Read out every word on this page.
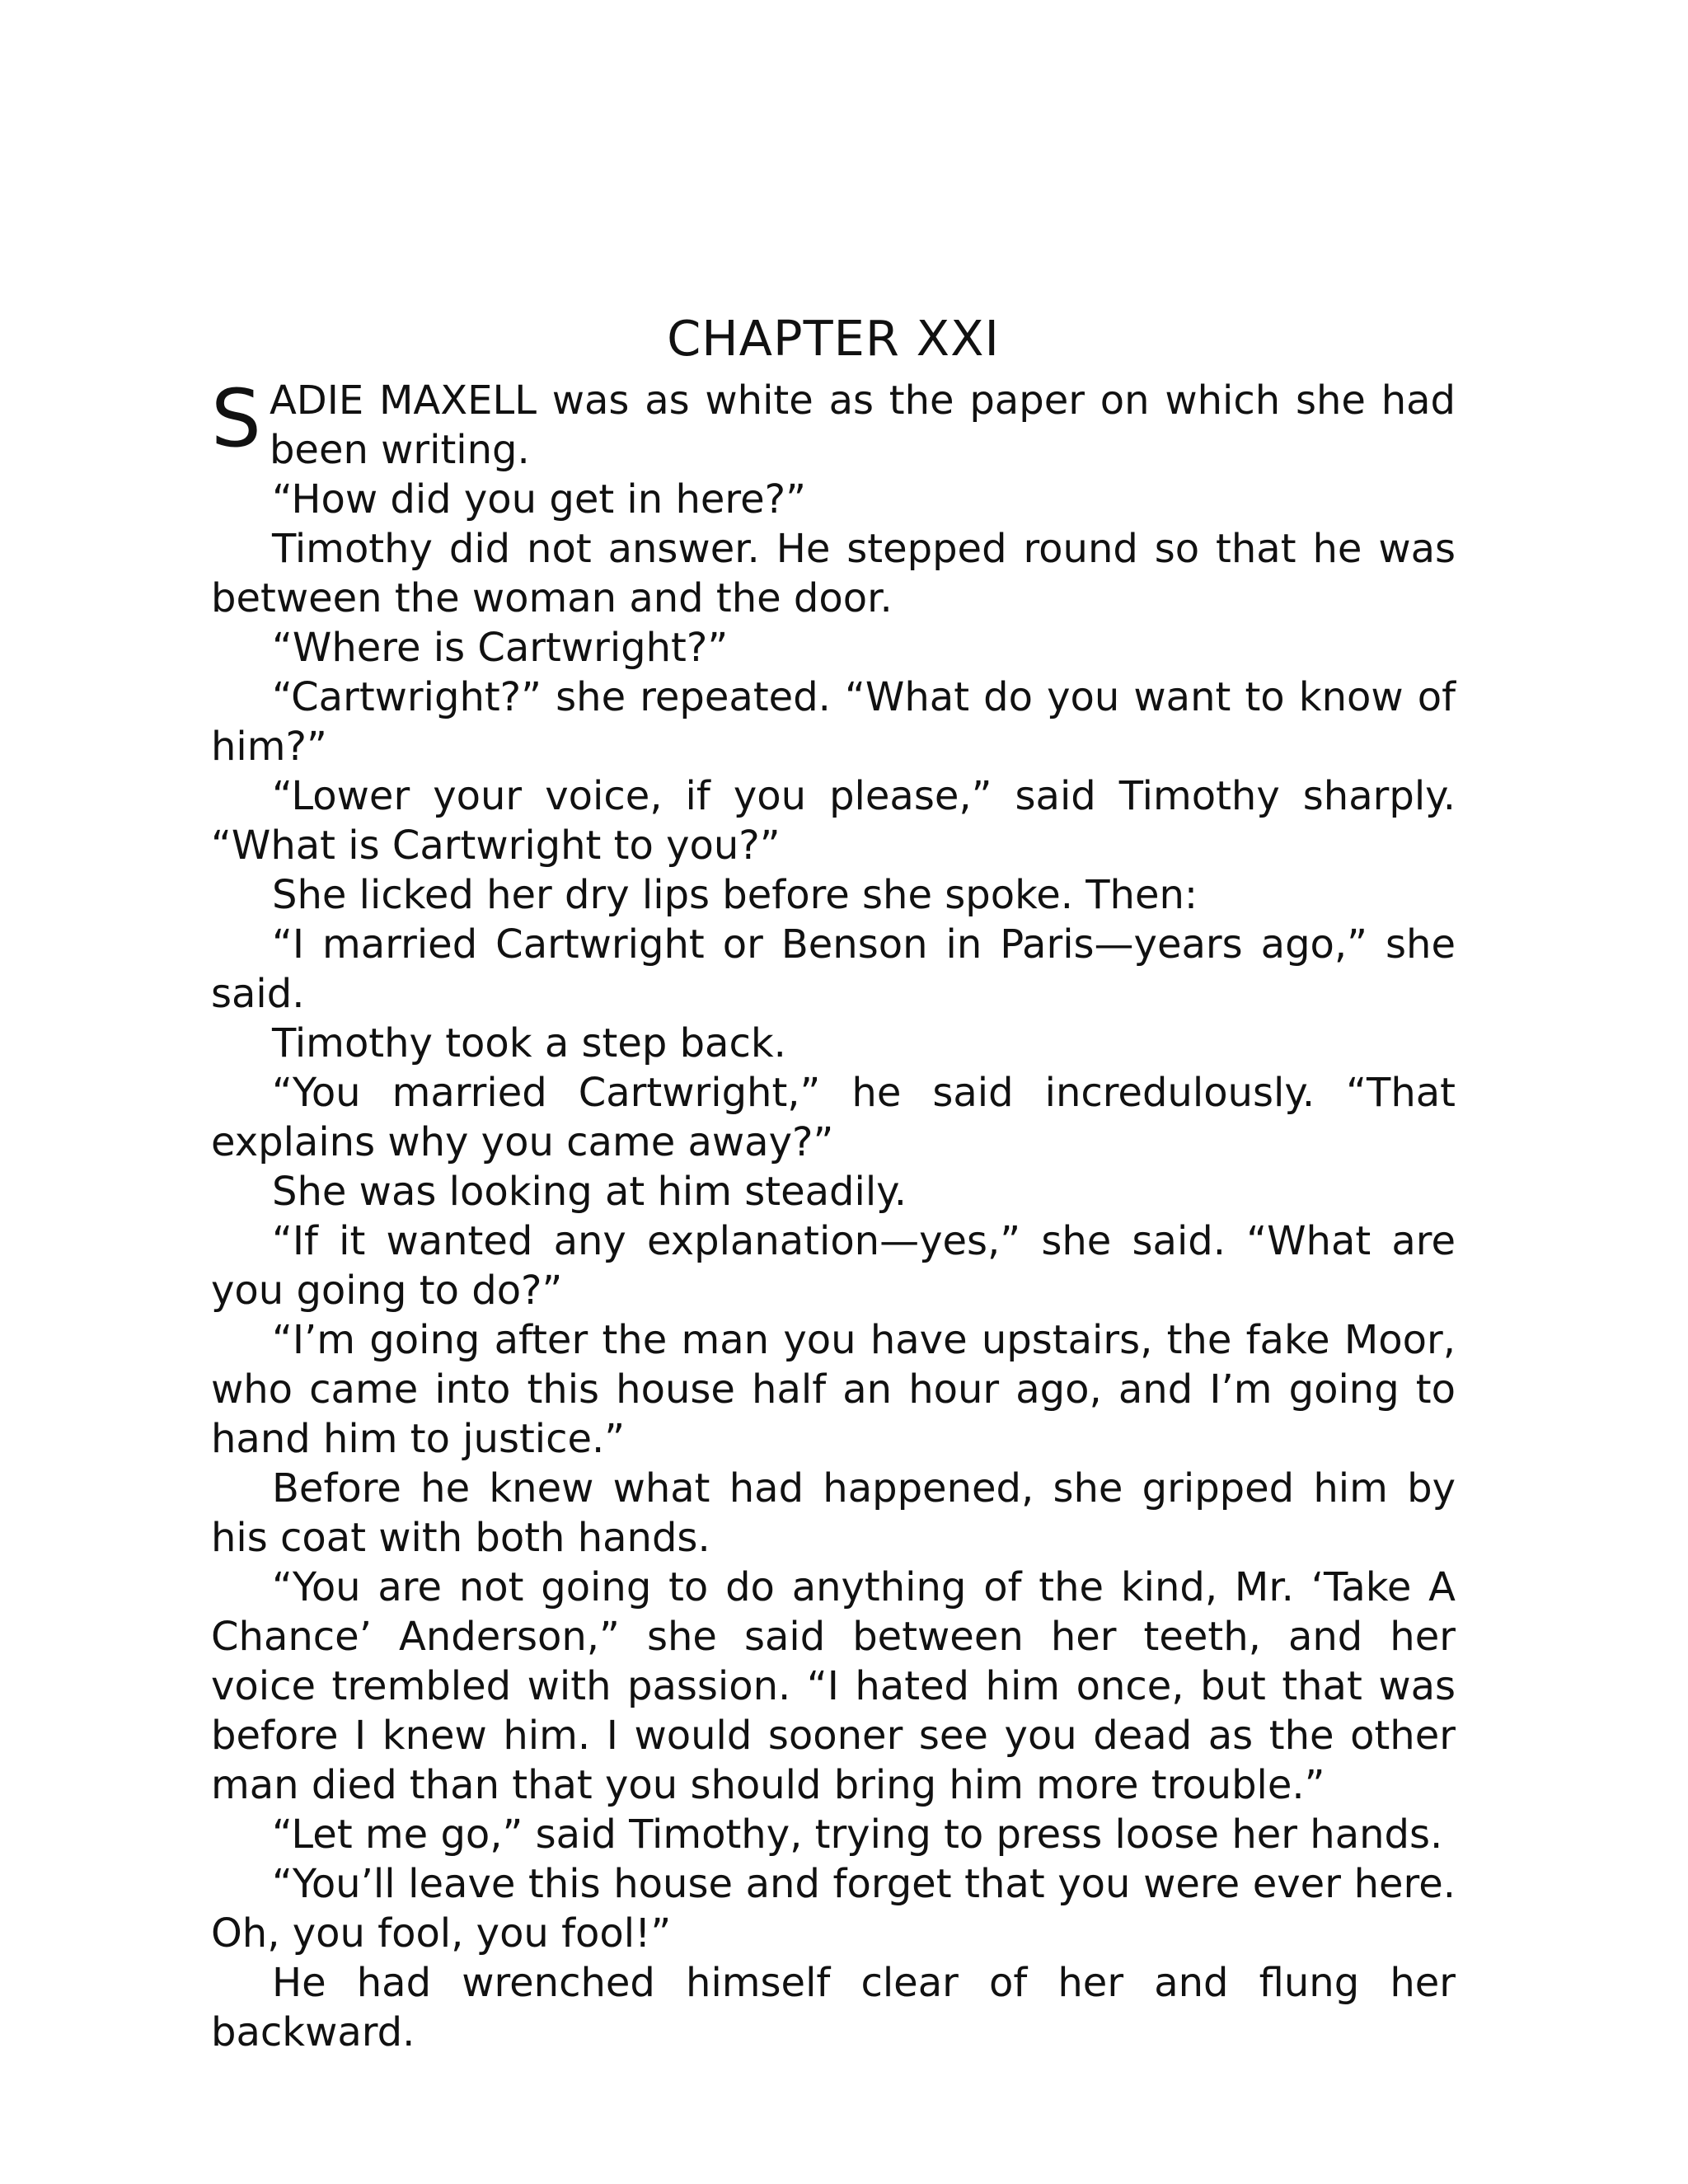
CHAPTER XXI

SADIE MAXELL was as white as the paper on which she had been writing.

“How did you get in here?”

Timothy did not answer. He stepped round so that he was between the woman and the door.

“Where is Cartwright?”

“Cartwright?” she repeated. “What do you want to know of him?”

“Lower your voice, if you please,” said Timothy sharply. “What is Cartwright to you?”

She licked her dry lips before she spoke. Then:

“I married Cartwright or Benson in Paris—years ago,” she said.

Timothy took a step back.

“You married Cartwright,” he said incredulously. “That explains why you came away?”

She was looking at him steadily.

“If it wanted any explanation—yes,” she said. “What are you going to do?”

“I’m going after the man you have upstairs, the fake Moor, who came into this house half an hour ago, and I’m going to hand him to justice.”

Before he knew what had happened, she gripped him by his coat with both hands.

“You are not going to do anything of the kind, Mr. ‘Take A Chance’ Anderson,” she said between her teeth, and her voice trembled with passion. “I hated him once, but that was before I knew him. I would sooner see you dead as the other man died than that you should bring him more trouble.”

“Let me go,” said Timothy, trying to press loose her hands.

“You’ll leave this house and forget that you were ever here. Oh, you fool, you fool!”

He had wrenched himself clear of her and flung her backward.
